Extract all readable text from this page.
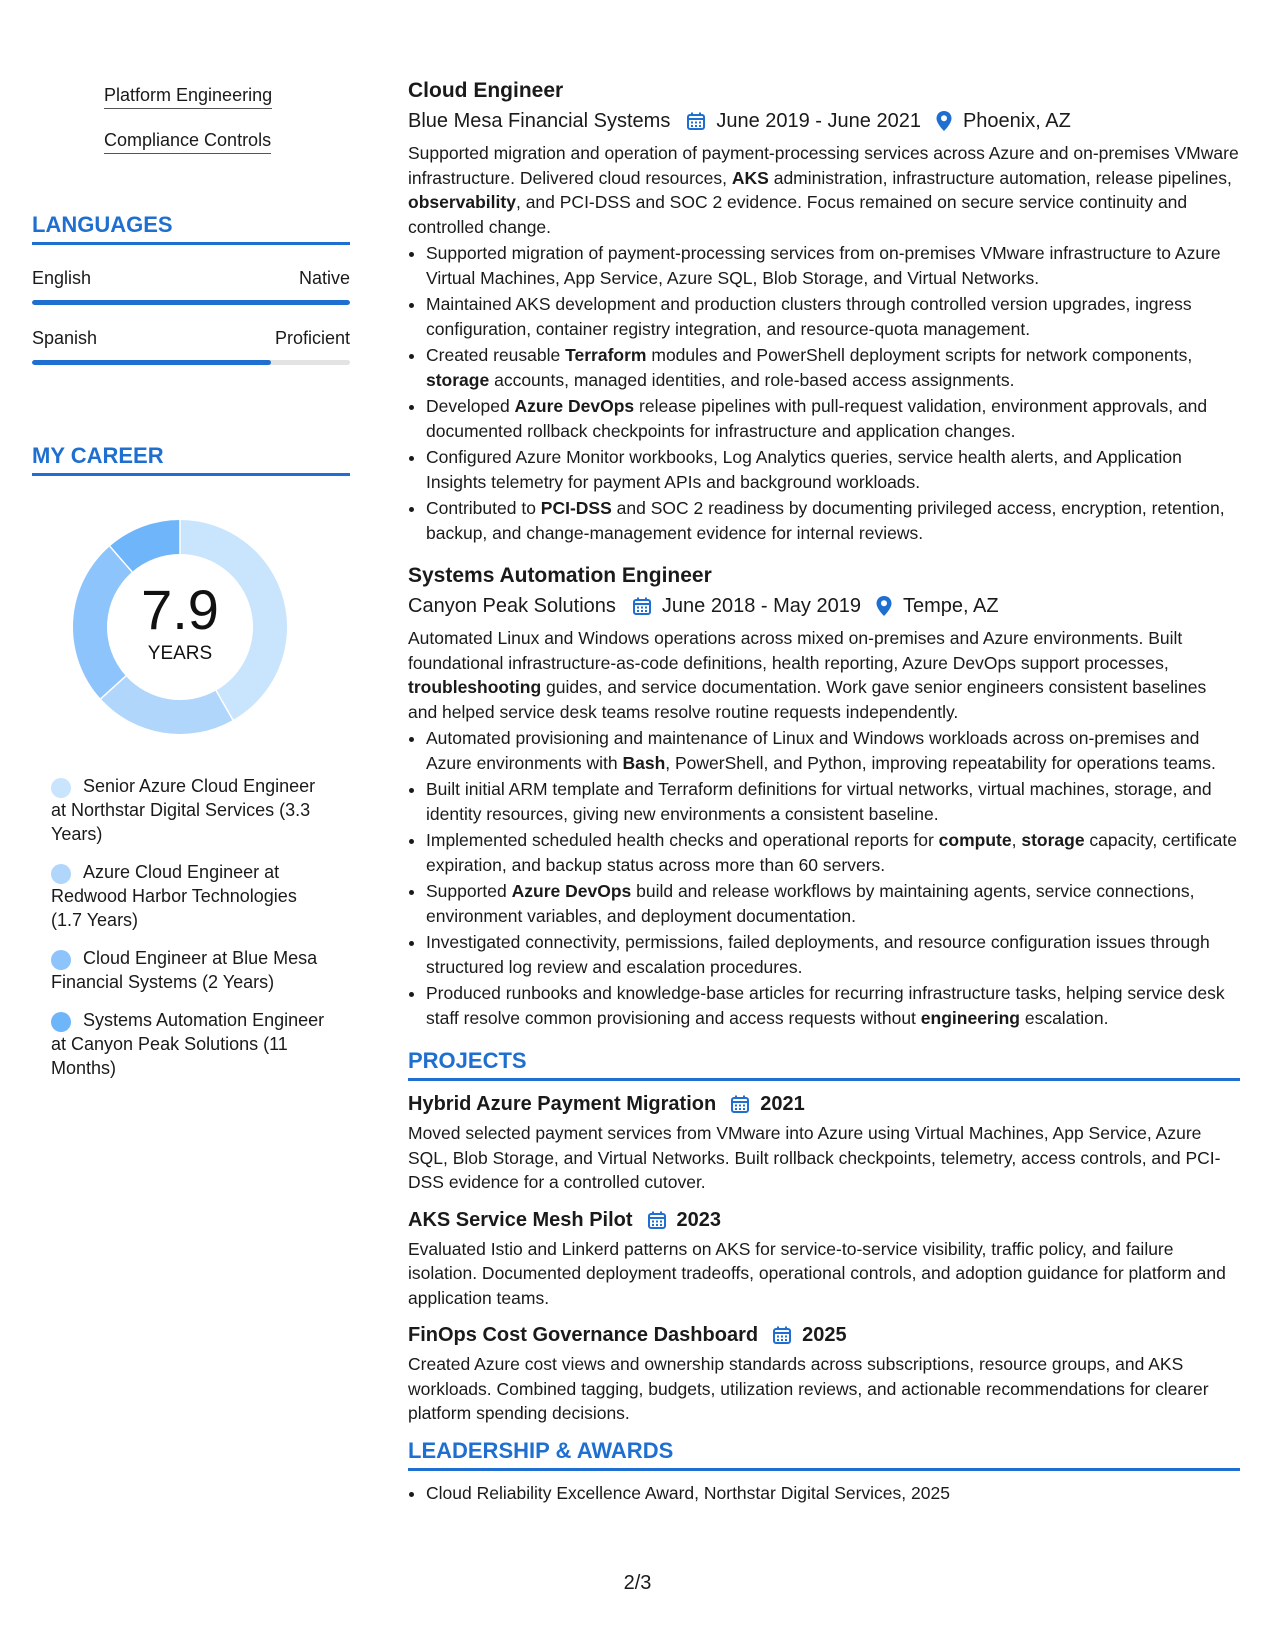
Platform Engineering
Compliance Controls
LANGUAGES
English	Native
Spanish	Proficient
MY CAREER
7.9
YEARS
Senior Azure Cloud Engineer at Northstar Digital Services (3.3 Years)
Azure Cloud Engineer at Redwood Harbor Technologies (1.7 Years)
Cloud Engineer at Blue Mesa Financial Systems (2 Years)
Systems Automation Engineer at Canyon Peak Solutions (11 Months)
Cloud Engineer
Blue Mesa Financial Systems June 2019 - June 2021 Phoenix, AZ
Supported migration and operation of payment-processing services across Azure and on-premises VMware infrastructure. Delivered cloud resources, AKS administration, infrastructure automation, release pipelines, observability, and PCI-DSS and SOC 2 evidence. Focus remained on secure service continuity and controlled change.
• Supported migration of payment-processing services from on-premises VMware infrastructure to Azure Virtual Machines, App Service, Azure SQL, Blob Storage, and Virtual Networks.
• Maintained AKS development and production clusters through controlled version upgrades, ingress configuration, container registry integration, and resource-quota management.
• Created reusable Terraform modules and PowerShell deployment scripts for network components, storage accounts, managed identities, and role-based access assignments.
• Developed Azure DevOps release pipelines with pull-request validation, environment approvals, and documented rollback checkpoints for infrastructure and application changes.
• Configured Azure Monitor workbooks, Log Analytics queries, service health alerts, and Application Insights telemetry for payment APIs and background workloads.
• Contributed to PCI-DSS and SOC 2 readiness by documenting privileged access, encryption, retention, backup, and change-management evidence for internal reviews.
Systems Automation Engineer
Canyon Peak Solutions June 2018 - May 2019 Tempe, AZ
Automated Linux and Windows operations across mixed on-premises and Azure environments. Built foundational infrastructure-as-code definitions, health reporting, Azure DevOps support processes, troubleshooting guides, and service documentation. Work gave senior engineers consistent baselines and helped service desk teams resolve routine requests independently.
• Automated provisioning and maintenance of Linux and Windows workloads across on-premises and Azure environments with Bash, PowerShell, and Python, improving repeatability for operations teams.
• Built initial ARM template and Terraform definitions for virtual networks, virtual machines, storage, and identity resources, giving new environments a consistent baseline.
• Implemented scheduled health checks and operational reports for compute, storage capacity, certificate expiration, and backup status across more than 60 servers.
• Supported Azure DevOps build and release workflows by maintaining agents, service connections, environment variables, and deployment documentation.
• Investigated connectivity, permissions, failed deployments, and resource configuration issues through structured log review and escalation procedures.
• Produced runbooks and knowledge-base articles for recurring infrastructure tasks, helping service desk staff resolve common provisioning and access requests without engineering escalation.
PROJECTS
Hybrid Azure Payment Migration 2021
Moved selected payment services from VMware into Azure using Virtual Machines, App Service, Azure SQL, Blob Storage, and Virtual Networks. Built rollback checkpoints, telemetry, access controls, and PCI-DSS evidence for a controlled cutover.
AKS Service Mesh Pilot 2023
Evaluated Istio and Linkerd patterns on AKS for service-to-service visibility, traffic policy, and failure isolation. Documented deployment tradeoffs, operational controls, and adoption guidance for platform and application teams.
FinOps Cost Governance Dashboard 2025
Created Azure cost views and ownership standards across subscriptions, resource groups, and AKS workloads. Combined tagging, budgets, utilization reviews, and actionable recommendations for clearer platform spending decisions.
LEADERSHIP & AWARDS
• Cloud Reliability Excellence Award, Northstar Digital Services, 2025
2/3
